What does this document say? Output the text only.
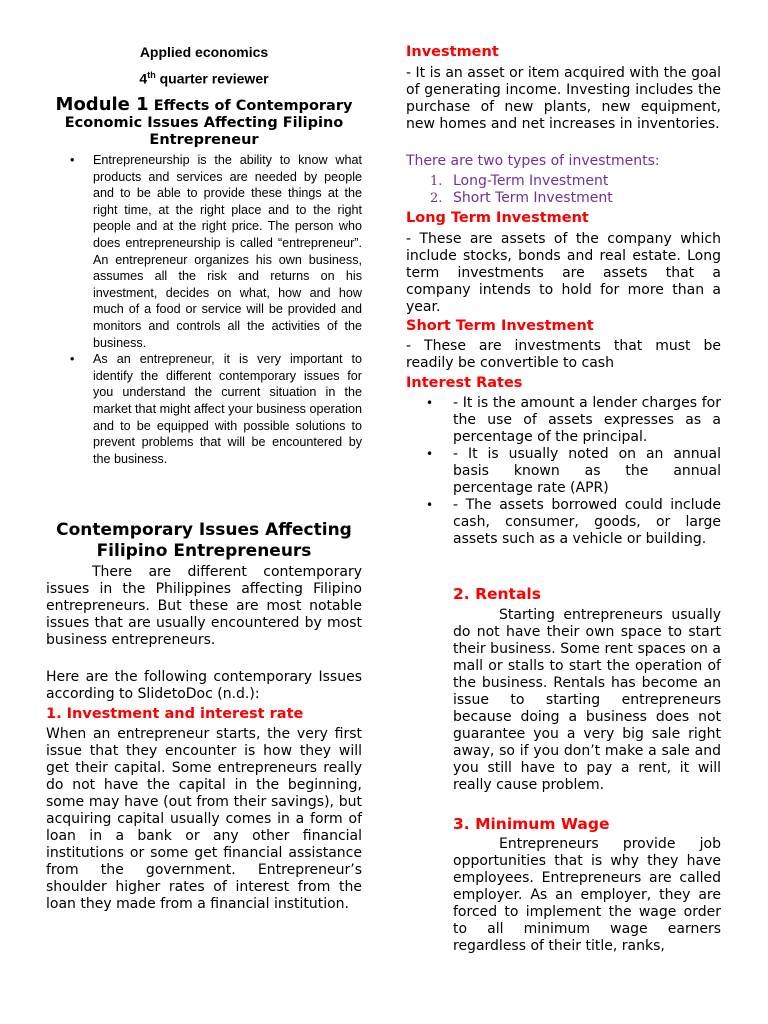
Applied economics
4th quarter reviewer
Module 1 Effects of Contemporary Economic Issues Affecting Filipino Entrepreneur
• Entrepreneurship is the ability to know what products and services are needed by people and to be able to provide these things at the right time, at the right place and to the right people and at the right price. The person who does entrepreneurship is called “entrepreneur”. An entrepreneur organizes his own business, assumes all the risk and returns on his investment, decides on what, how and how much of a food or service will be provided and monitors and controls all the activities of the business.
• As an entrepreneur, it is very important to identify the different contemporary issues for you understand the current situation in the market that might affect your business operation and to be equipped with possible solutions to prevent problems that will be encountered by the business.
Contemporary Issues Affecting Filipino Entrepreneurs

There are different contemporary issues in the Philippines affecting Filipino entrepreneurs. But these are most notable issues that are usually encountered by most business entrepreneurs.

Here are the following contemporary Issues according to SlidetoDoc (n.d.):

1. Investment and interest rate

When an entrepreneur starts, the very first issue that they encounter is how they will get their capital. Some entrepreneurs really do not have the capital in the beginning, some may have (out from their savings), but acquiring capital usually comes in a form of loan in a bank or any other financial institutions or some get financial assistance from the government. Entrepreneur’s shoulder higher rates of interest from the loan they made from a financial institution.

Investment

- It is an asset or item acquired with the goal of generating income. Investing includes the purchase of new plants, new equipment, new homes and net increases in inventories.

There are two types of investments:
1. Long-Term Investment
2. Short Term Investment
Long Term Investment

- These are assets of the company which include stocks, bonds and real estate. Long term investments are assets that a company intends to hold for more than a year.

Short Term Investment

- These are investments that must be readily be convertible to cash

Interest Rates
• - It is the amount a lender charges for the use of assets expresses as a percentage of the principal.
• - It is usually noted on an annual basis known as the annual percentage rate (APR)
• - The assets borrowed could include cash, consumer, goods, or large assets such as a vehicle or building.
2. Rentals

Starting entrepreneurs usually do not have their own space to start their business. Some rent spaces on a mall or stalls to start the operation of the business. Rentals has become an issue to starting entrepreneurs because doing a business does not guarantee you a very big sale right away, so if you don’t make a sale and you still have to pay a rent, it will really cause problem.

3. Minimum Wage

Entrepreneurs provide job opportunities that is why they have employees. Entrepreneurs are called employer. As an employer, they are forced to implement the wage order to all minimum wage earners regardless of their title, ranks,
